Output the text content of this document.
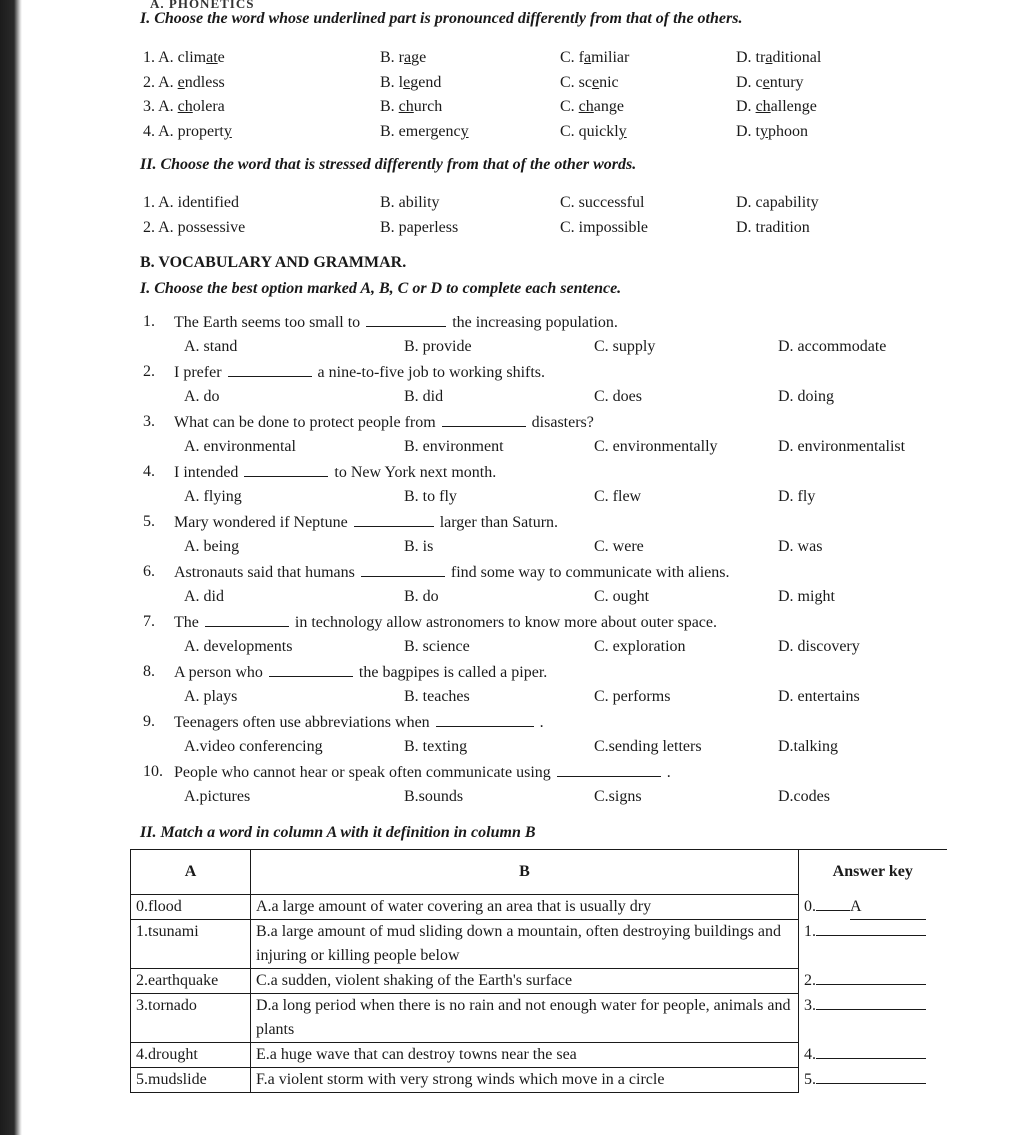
A. PHONETICS
I. Choose the word whose underlined part is pronounced differently from that of the others.
1. A. climate	B. rage	C. familiar	D. traditional
2. A. endless	B. legend	C. scenic	D. century
3. A. cholera	B. church	C. change	D. challenge
4. A. property	B. emergency	C. quickly	D. typhoon
II. Choose the word that is stressed differently from that of the other words.
1. A. identified	B. ability	C. successful	D. capability
2. A. possessive	B. paperless	C. impossible	D. tradition
B. VOCABULARY AND GRAMMAR.
I. Choose the best option marked A, B, C or D to complete each sentence.
1. The Earth seems too small to	the increasing population.
A. stand	B. provide	C. supply	D. accommodate
2. I prefer	a nine-to-five job to working shifts.
A. do	B. did	C. does	D. doing
3. What can be done to protect people from	disasters?
A. environmental	B. environment	C. environmentally	D. environmentalist
4. I intended	to New York next month.
A. flying	B. to fly	C. flew	D. fly
5. Mary wondered if Neptune	larger than Saturn.
A. being	B. is	C. were	D. was
6. Astronauts said that humans	find some way to communicate with aliens.
A. did	B. do	C. ought	D. might
7. The	in technology allow astronomers to know more about outer space.
A. developments	B. science	C. exploration	D. discovery
8. A person who	the bagpipes is called a piper.
A. plays	B. teaches	C. performs	D. entertains
9. Teenagers often use abbreviations when	.
A.video conferencing	B. texting	C.sending letters	D.talking
10. People who cannot hear or speak often communicate using	.
A.pictures	B.sounds	C.signs	D.codes
II. Match a word in column A with it definition in column B
A	B	Answer key
0.flood	A.a large amount of water covering an area that is usually dry	0. A
1.tsunami	B.a large amount of mud sliding down a mountain, often destroying buildings and injuring or killing people below	1.
2.earthquake	C.a sudden, violent shaking of the Earth's surface	2.
3.tornado	D.a long period when there is no rain and not enough water for people, animals and plants	3.
4.drought	E.a huge wave that can destroy towns near the sea	4.
5.mudslide	F.a violent storm with very strong winds which move in a circle	5.
